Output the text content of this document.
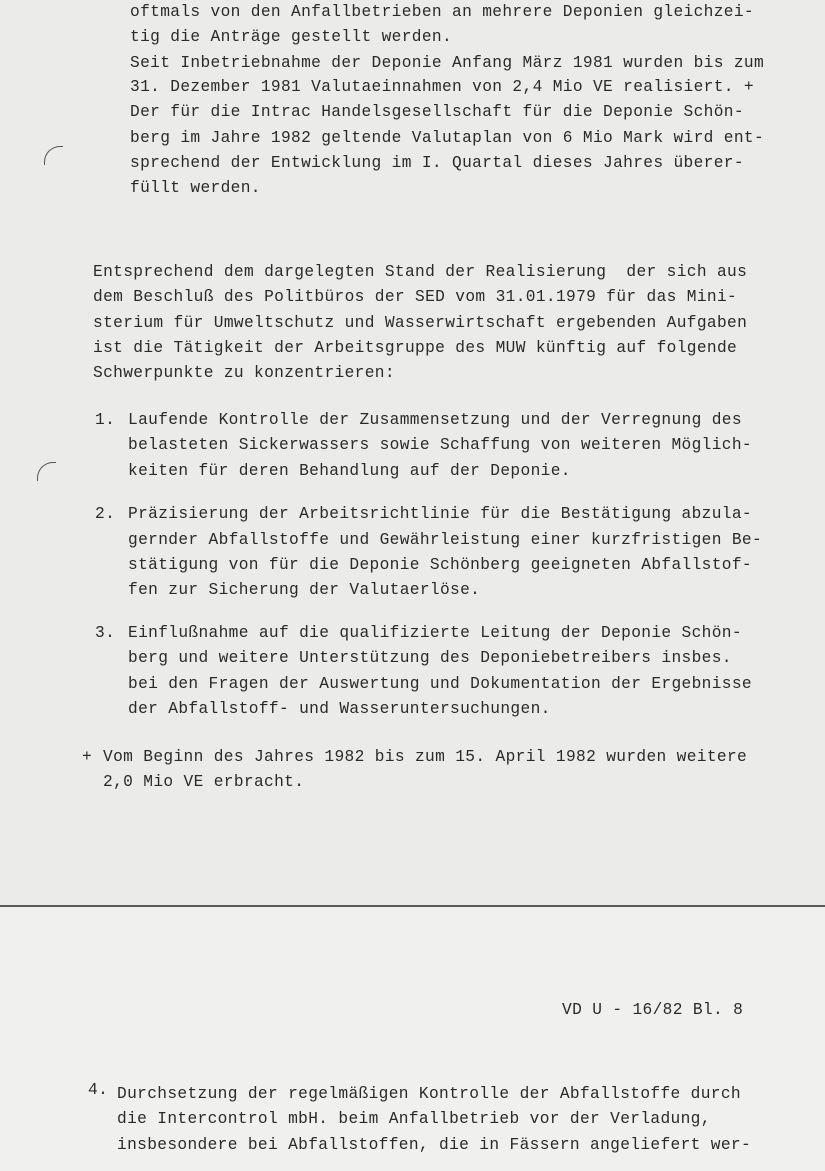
oftmals von den Anfallbetrieben an mehrere Deponien gleichzei-
tig die Anträge gestellt werden.
Seit Inbetriebnahme der Deponie Anfang März 1981 wurden bis zum
31. Dezember 1981 Valutaeinnahmen von 2,4 Mio VE realisiert. +
Der für die Intrac Handelsgesellschaft für die Deponie Schön-
berg im Jahre 1982 geltende Valutaplan von 6 Mio Mark wird ent-
sprechend der Entwicklung im I. Quartal dieses Jahres überer-
füllt werden.
Entsprechend dem dargelegten Stand der Realisierung  der sich aus
dem Beschluß des Politbüros der SED vom 31.01.1979 für das Mini-
sterium für Umweltschutz und Wasserwirtschaft ergebenden Aufgaben
ist die Tätigkeit der Arbeitsgruppe des MUW künftig auf folgende
Schwerpunkte zu konzentrieren:
1. Laufende Kontrolle der Zusammensetzung und der Verregnung des
belasteten Sickerwassers sowie Schaffung von weiteren Möglich-
keiten für deren Behandlung auf der Deponie.
2. Präzisierung der Arbeitsrichtlinie für die Bestätigung abzula-
gernder Abfallstoffe und Gewährleistung einer kurzfristigen Be-
stätigung von für die Deponie Schönberg geeigneten Abfallstof-
fen zur Sicherung der Valutaerlöse.
3. Einflußnahme auf die qualifizierte Leitung der Deponie Schön-
berg und weitere Unterstützung des Deponiebetreibers insbes.
bei den Fragen der Auswertung und Dokumentation der Ergebnisse
der Abfallstoff- und Wasseruntersuchungen.
+ Vom Beginn des Jahres 1982 bis zum 15. April 1982 wurden weitere
2,0 Mio VE erbracht.
VD U - 16/82 Bl. 8
4. Durchsetzung der regelmäßigen Kontrolle der Abfallstoffe durch
die Intercontrol mbH. beim Anfallbetrieb vor der Verladung,
insbesondere bei Abfallstoffen, die in Fässern angeliefert wer-
